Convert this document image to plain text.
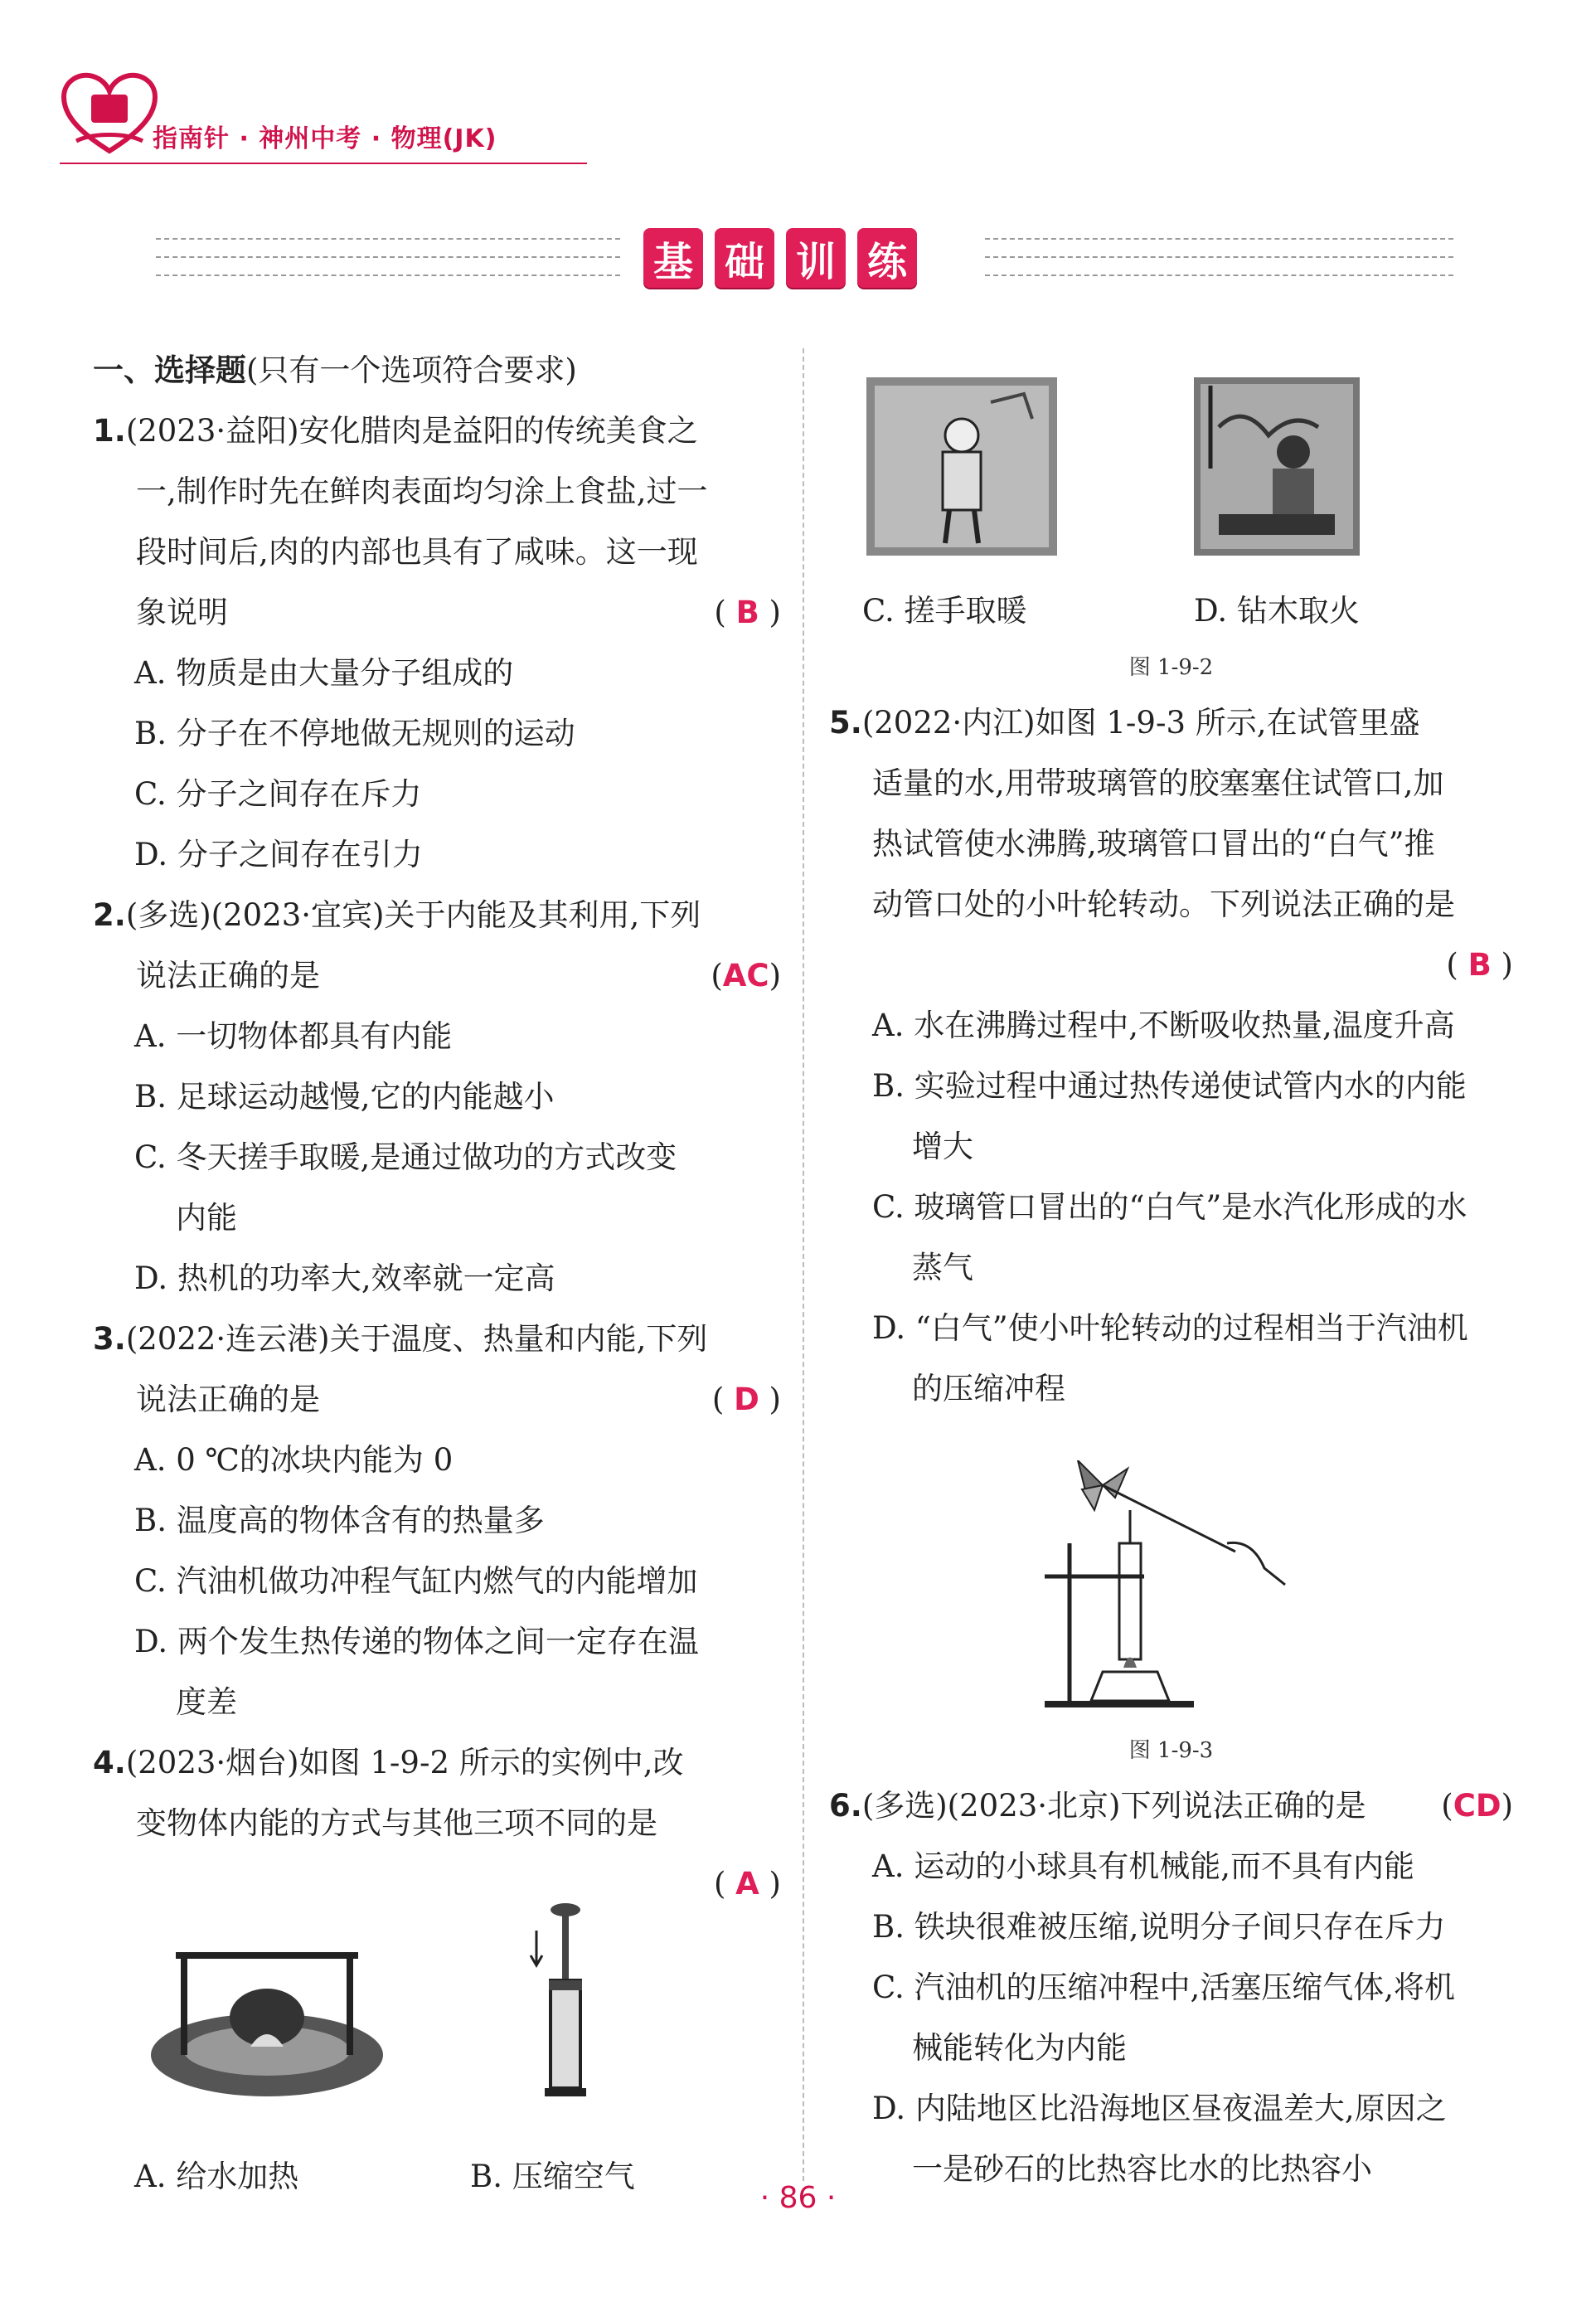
指南针 · 神州中考 · 物理(JK)
基 础 训 练
一、选择题(只有一个选项符合要求)
1.(2023·益阳)安化腊肉是益阳的传统美食之
一,制作时先在鲜肉表面均匀涂上食盐,过一
段时间后,肉的内部也具有了咸味。这一现
象说明	( B )
A. 物质是由大量分子组成的
B. 分子在不停地做无规则的运动
C. 分子之间存在斥力
D. 分子之间存在引力
2.(多选)(2023·宜宾)关于内能及其利用,下列
说法正确的是	(AC)
A. 一切物体都具有内能
B. 足球运动越慢,它的内能越小
C. 冬天搓手取暖,是通过做功的方式改变
内能
D. 热机的功率大,效率就一定高
3.(2022·连云港)关于温度、热量和内能,下列
说法正确的是	( D )
A. 0 ℃的冰块内能为 0
B. 温度高的物体含有的热量多
C. 汽油机做功冲程气缸内燃气的内能增加
D. 两个发生热传递的物体之间一定存在温
度差
4.(2023·烟台)如图 1-9-2 所示的实例中,改
变物体内能的方式与其他三项不同的是
( A )

A. 给水加热	B. 压缩空气
C. 搓手取暖	D. 钻木取火
图 1-9-2
5.(2022·内江)如图 1-9-3 所示,在试管里盛
适量的水,用带玻璃管的胶塞塞住试管口,加
热试管使水沸腾,玻璃管口冒出的“白气”推
动管口处的小叶轮转动。下列说法正确的是
( B )

A. 水在沸腾过程中,不断吸收热量,温度升高
B. 实验过程中通过热传递使试管内水的内能
增大
C. 玻璃管口冒出的“白气”是水汽化形成的水
蒸气
D. “白气”使小叶轮转动的过程相当于汽油机
的压缩冲程
图 1-9-3
6.(多选)(2023·北京)下列说法正确的是 (CD)
A. 运动的小球具有机械能,而不具有内能
B. 铁块很难被压缩,说明分子间只存在斥力
C. 汽油机的压缩冲程中,活塞压缩气体,将机
械能转化为内能
D. 内陆地区比沿海地区昼夜温差大,原因之
一是砂石的比热容比水的比热容小
· 86 ·
